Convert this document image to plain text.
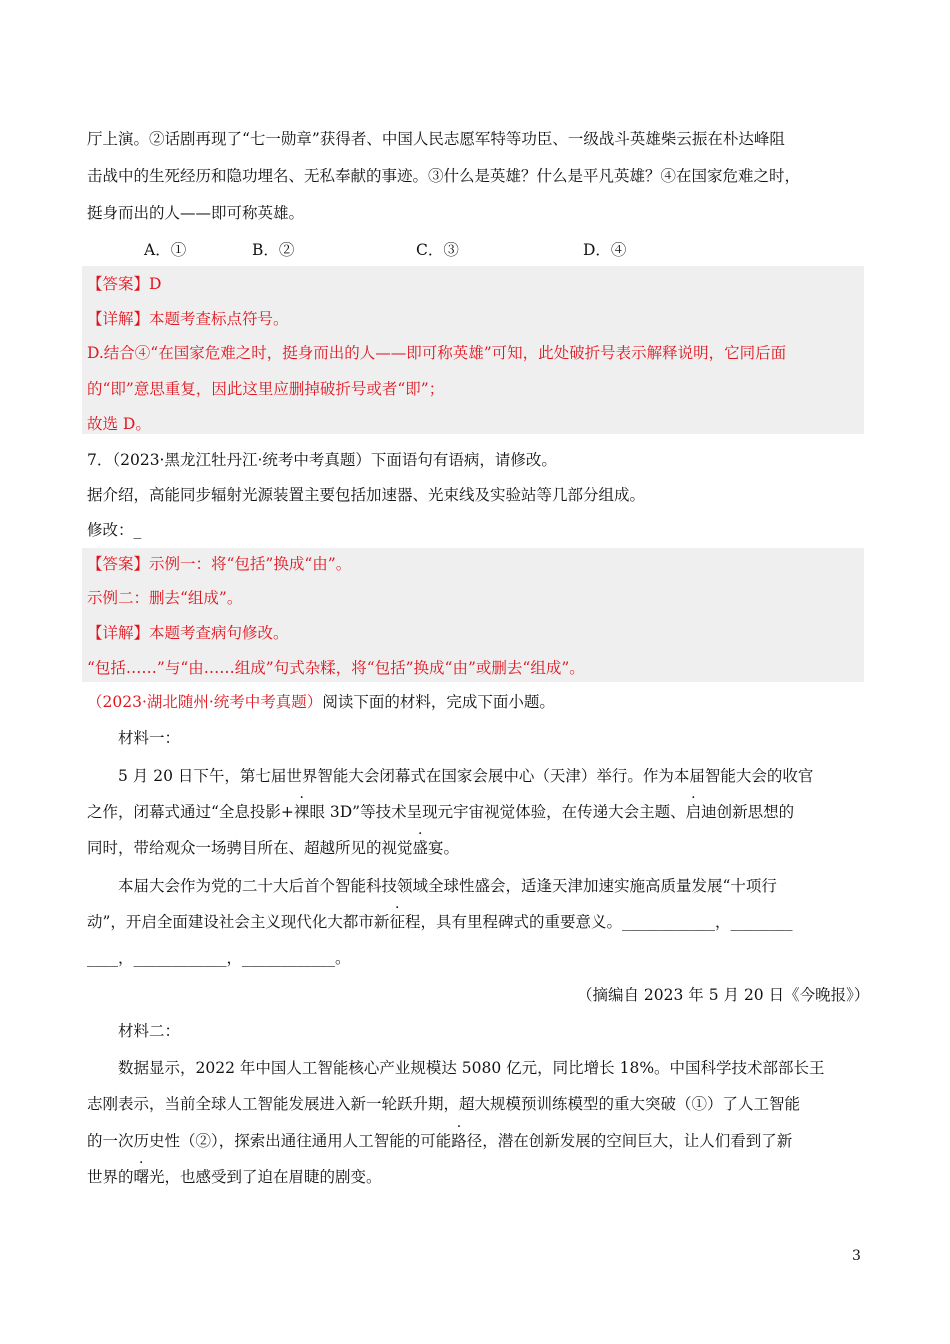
厅上演。②话剧再现了“七一勋章”获得者、中国人民志愿军特等功臣、一级战斗英雄柴云振在朴达峰阻
击战中的生死经历和隐功埋名、无私奉献的事迹。③什么是英雄？什么是平凡英雄？④在国家危难之时，
挺身而出的人——即可称英雄。
A．①	B．②	C．③	D．④
【答案】D
【详解】本题考查标点符号。
D.结合④“在国家危难之时，挺身而出的人——即可称英雄”可知，此处破折号表示解释说明，它同后面
的“即”意思重复，因此这里应删掉破折号或者“即”；
故选 D。
7．（2023·黑龙江牡丹江·统考中考真题）下面语句有语病，请修改。
据介绍，高能同步辐射光源装置主要包括加速器、光束线及实验站等几部分组成。
修改：_
【答案】示例一：将“包括”换成“由”。
示例二：删去“组成”。
【详解】本题考查病句修改。
“包括……”与“由……组成”句式杂糅，将“包括”换成“由”或删去“组成”。
（2023·湖北随州·统考中考真题）阅读下面的材料，完成下面小题。
材料一：
5 月 20 日下午，第七届世界智能大会闭幕式在国家会展中心（天津）举行。作为本届智能大会的收官
之作，闭幕式通过“全息投影+裸眼 3D”等技术呈现元宇宙视觉体验，在传递大会主题、启迪创新思想的
同时，带给观众一场骋目所在、超越所见的视觉盛宴。
本届大会作为党的二十大后首个智能科技领域全球性盛会，适逢天津加速实施高质量发展“十项行
动”，开启全面建设社会主义现代化大都市新征程，具有里程碑式的重要意义。____________，________
____，____________，____________。
（摘编自 2023 年 5 月 20 日《今晚报》）
材料二：
数据显示，2022 年中国人工智能核心产业规模达 5080 亿元，同比增长 18%。中国科学技术部部长王
志刚表示，当前全球人工智能发展进入新一轮跃升期，超大规模预训练模型的重大突破（①）了人工智能
的一次历史性（②），探索出通往通用人工智能的可能路径，潜在创新发展的空间巨大，让人们看到了新
世界的曙光，也感受到了迫在眉睫的剧变。
3
